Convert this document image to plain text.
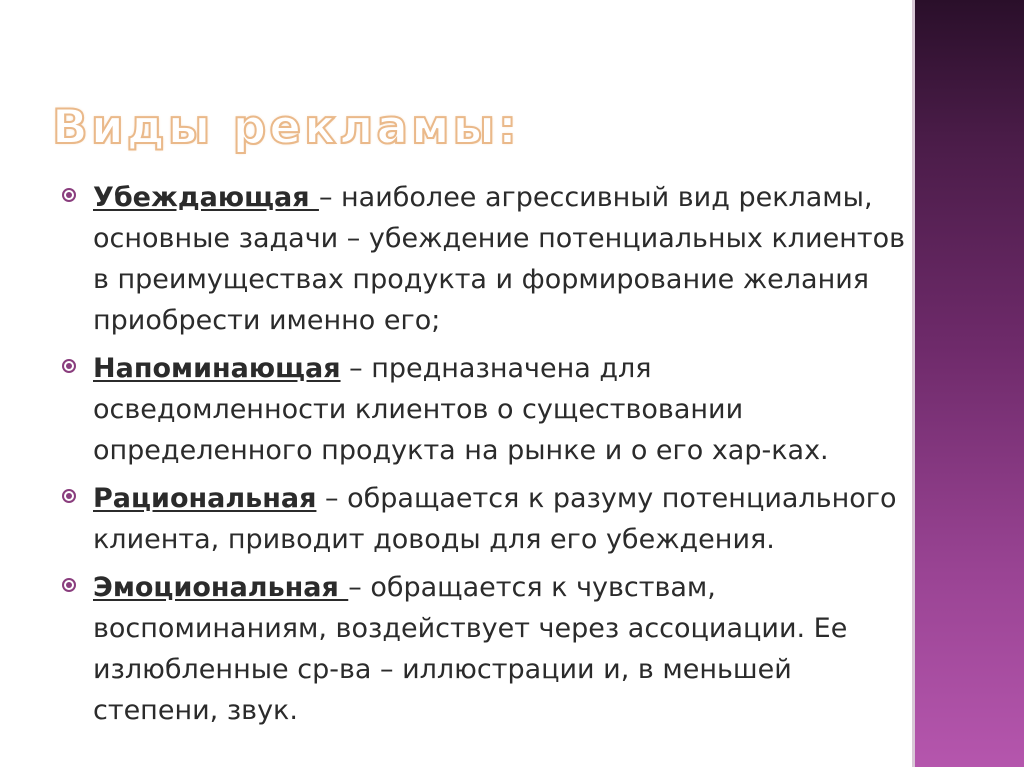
Виды рекламы:
Убеждающая – наиболее агрессивный вид рекламы, основные задачи – убеждение потенциальных клиентов в преимуществах продукта и формирование желания приобрести именно его;
Напоминающая – предназначена для осведомленности клиентов о существовании определенного продукта на рынке и о его хар-ках.
Рациональная – обращается к разуму потенциального клиента, приводит доводы для его убеждения.
Эмоциональная – обращается к чувствам, воспоминаниям, воздействует через ассоциации. Ее излюбленные ср-ва – иллюстрации и, в меньшей степени, звук.
